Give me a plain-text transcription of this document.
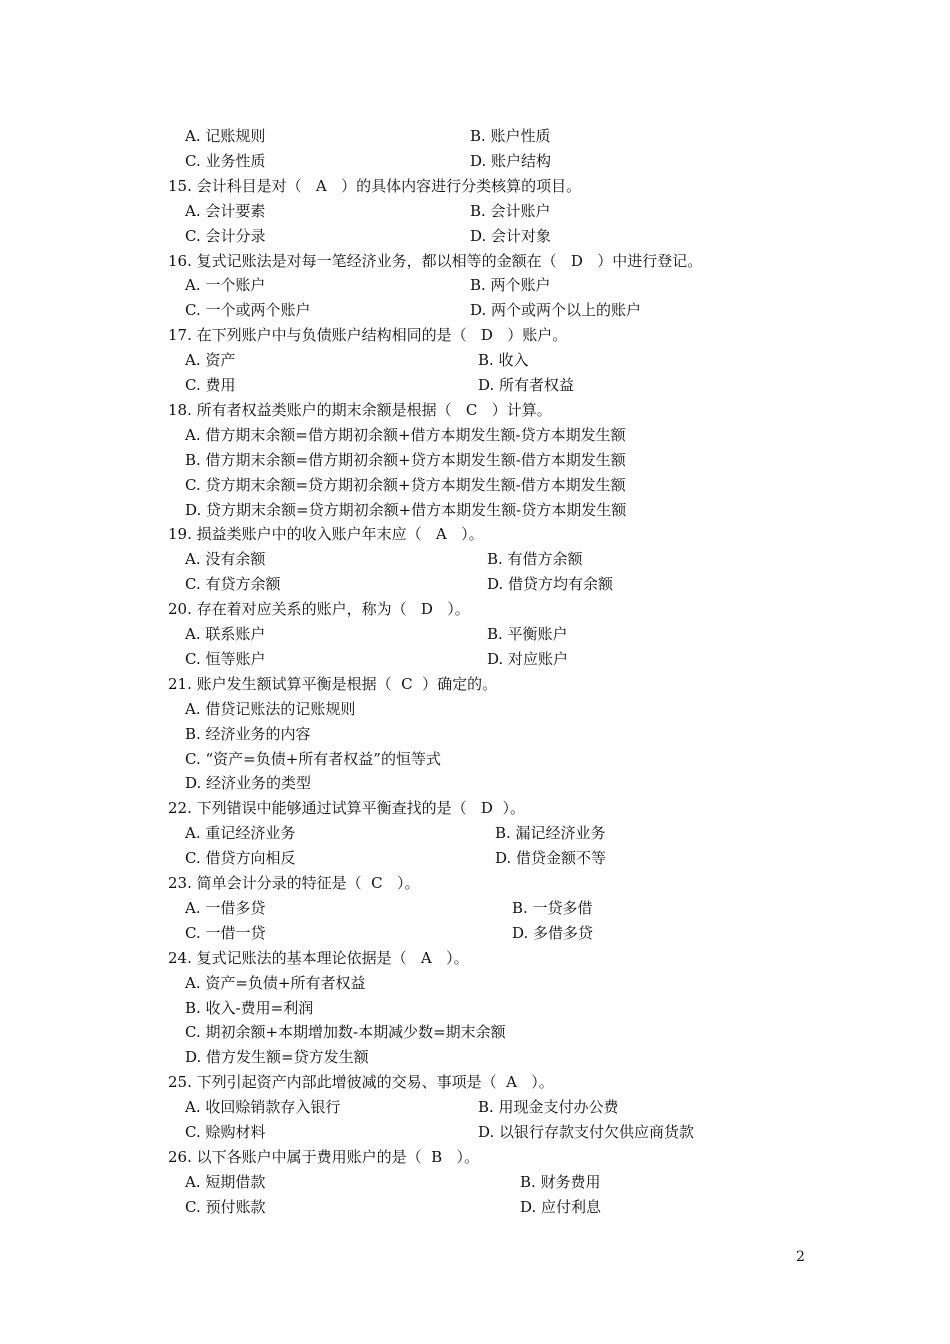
A. 记账规则	B. 账户性质
C. 业务性质	D. 账户结构
15. 会计科目是对（   A   ）的具体内容进行分类核算的项目。
A. 会计要素	B. 会计账户
C. 会计分录	D. 会计对象
16. 复式记账法是对每一笔经济业务，都以相等的金额在（   D   ）中进行登记。
A. 一个账户	B. 两个账户
C. 一个或两个账户	D. 两个或两个以上的账户
17. 在下列账户中与负债账户结构相同的是（   D   ）账户。
A. 资产	B. 收入
C. 费用	D. 所有者权益
18. 所有者权益类账户的期末余额是根据（   C   ）计算。
A. 借方期末余额=借方期初余额+借方本期发生额-贷方本期发生额
B. 借方期末余额=借方期初余额+贷方本期发生额-借方本期发生额
C. 贷方期末余额=贷方期初余额+贷方本期发生额-借方本期发生额
D. 贷方期末余额=贷方期初余额+借方本期发生额-贷方本期发生额
19. 损益类账户中的收入账户年末应（   A   ）。
A. 没有余额	B. 有借方余额
C. 有贷方余额	D. 借贷方均有余额
20. 存在着对应关系的账户，称为（   D   ）。
A. 联系账户	B. 平衡账户
C. 恒等账户	D. 对应账户
21. 账户发生额试算平衡是根据（  C  ）确定的。
A. 借贷记账法的记账规则
B. 经济业务的内容
C. “资产=负债+所有者权益”的恒等式
D. 经济业务的类型
22. 下列错误中能够通过试算平衡查找的是（   D  ）。
A. 重记经济业务	B. 漏记经济业务
C. 借贷方向相反	D. 借贷金额不等
23. 简单会计分录的特征是（  C   ）。
A. 一借多贷	B. 一贷多借
C. 一借一贷	D. 多借多贷
24. 复式记账法的基本理论依据是（   A   ）。
A. 资产=负债+所有者权益
B. 收入-费用=利润
C. 期初余额+本期增加数-本期减少数=期末余额
D. 借方发生额=贷方发生额
25. 下列引起资产内部此增彼减的交易、事项是（  A   ）。
A. 收回赊销款存入银行	B. 用现金支付办公费
C. 赊购材料	D. 以银行存款支付欠供应商货款
26. 以下各账户中属于费用账户的是（  B   ）。
A. 短期借款	B. 财务费用
C. 预付账款	D. 应付利息
2
